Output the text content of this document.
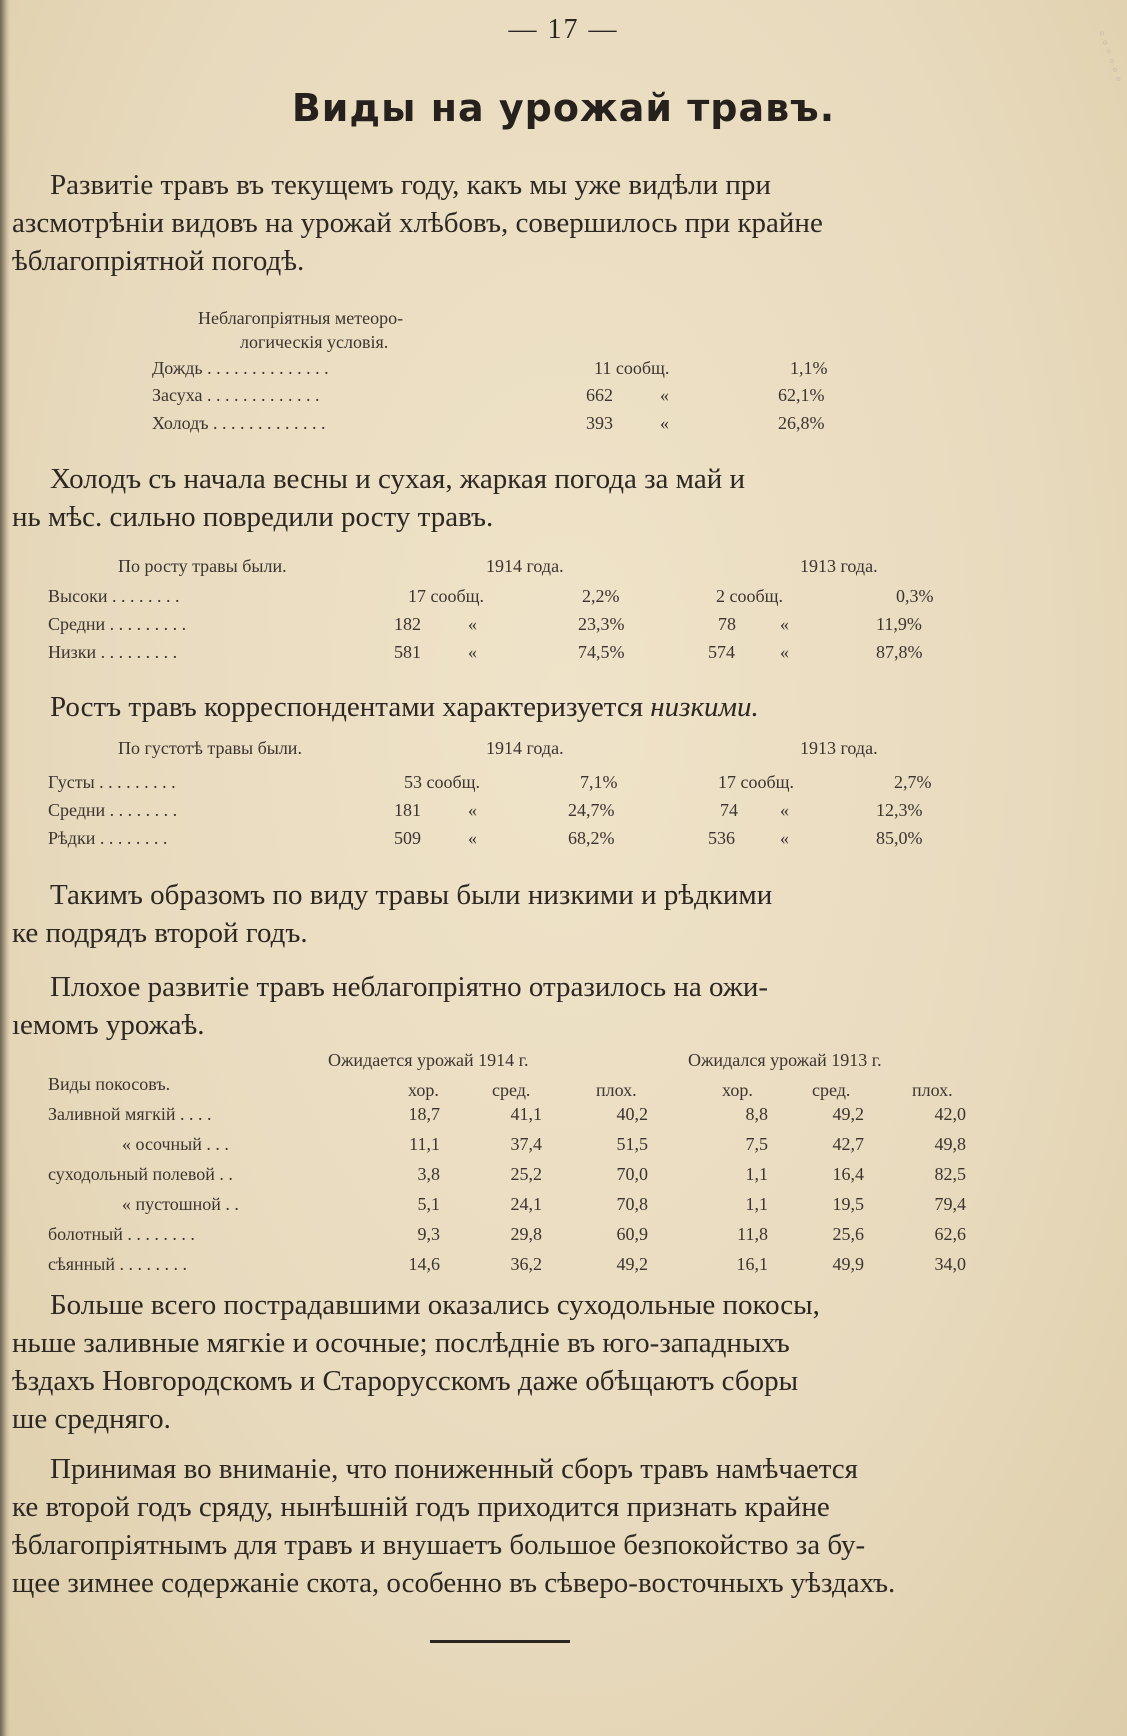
◦ ◦ ◦ ◦ ◦ ◦
— 17 —
Виды на урожай травъ.
Развитіе травъ въ текущемъ году, какъ мы уже видѣли при
азсмотрѣніи видовъ на урожай хлѣбовъ, совершилось при крайне
ѣблагопріятной погодѣ.
Неблагопріятныя метеоро-
логическія условія.
Дождь . . . . . . . . . . . . . .	11 сообщ.	1,1%
Засуха . . . . . . . . . . . . .	662	«	62,1%
Холодъ . . . . . . . . . . . . .	393	«	26,8%
Холодъ съ начала весны и сухая, жаркая погода за май и
нь мѣс. сильно повредили росту травъ.
По росту травы были.	1914 года.	1913 года.
Высоки . . . . . . . .	17 сообщ.	2,2%	2 сообщ.	0,3%
Средни . . . . . . . . .	182	«	23,3%	78 «	11,9%
Низки . . . . . . . . .	581	«	74,5%	574	«	87,8%
Ростъ травъ корреспондентами характеризуется низкими.
По густотѣ травы были.	1914 года.	1913 года.
Густы . . . . . . . . .	53 сообщ.	7,1%	17 сообщ.	2,7%
Средни . . . . . . . .	181	«	24,7%	74 «	12,3%
Рѣдки . . . . . . . .	509	«	68,2%	536	«	85,0%
Такимъ образомъ по виду травы были низкими и рѣдкими
ке подрядъ второй годъ.
Плохое развитіе травъ неблагопріятно отразилось на ожи-
ıемомъ урожаѣ.
Ожидается урожай 1914 г.	Ожидался урожай 1913 г.
Виды покосовъ.	хор.	сред.	плох.	хор.	сред.	плох.
Заливной мягкій . . . .	18,7	41,1	40,2	8,8	49,2	42,0
« осочный . . .	11,1	37,4	51,5	7,5	42,7	49,8
суходольный полевой . .	3,8	25,2	70,0	1,1	16,4	82,5
« пустошной . .	5,1	24,1	70,8	1,1	19,5	79,4
болотный . . . . . . . .	9,3	29,8	60,9	11,8	25,6	62,6
сѣянный . . . . . . . .	14,6	36,2	49,2	16,1	49,9	34,0
Больше всего пострадавшими оказались суходольные покосы,
ньше заливные мягкіе и осочные; послѣдніе въ юго-западныхъ
ѣздахъ Новгородскомъ и Старорусскомъ даже обѣщаютъ сборы
ше средняго.
Принимая во вниманіе, что пониженный сборъ травъ намѣчается
ке второй годъ сряду, нынѣшній годъ приходится признать крайне
ѣблагопріятнымъ для травъ и внушаетъ большое безпокойство за бу-
щее зимнее содержаніе скота, особенно въ сѣверо-восточныхъ уѣздахъ.
